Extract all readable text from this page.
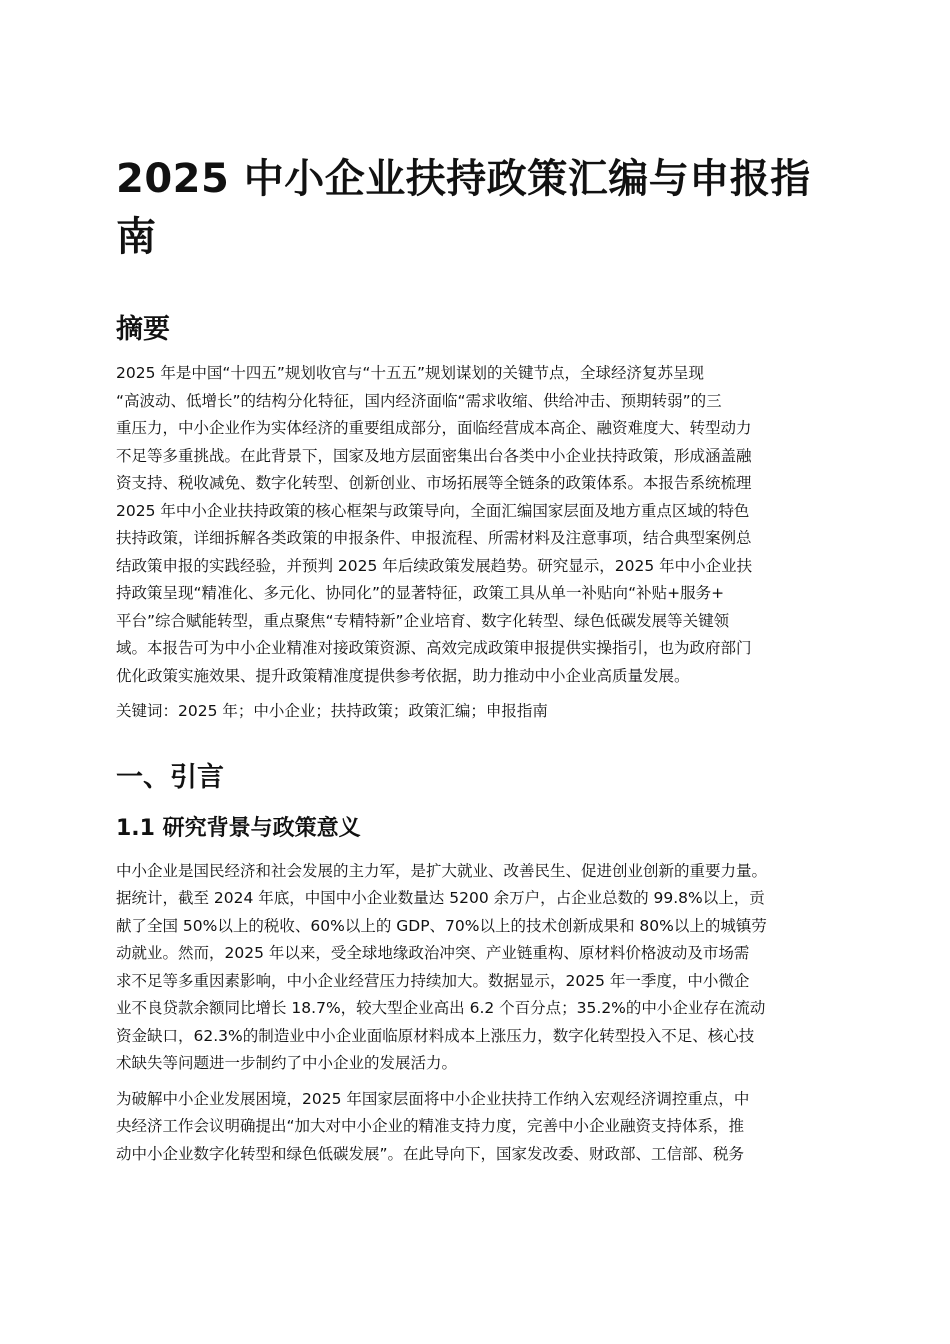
2025 中小企业扶持政策汇编与申报指
南
摘要

2025 年是中国“十四五”规划收官与“十五五”规划谋划的关键节点，全球经济复苏呈现
“高波动、低增长”的结构分化特征，国内经济面临“需求收缩、供给冲击、预期转弱”的三
重压力，中小企业作为实体经济的重要组成部分，面临经营成本高企、融资难度大、转型动力
不足等多重挑战。在此背景下，国家及地方层面密集出台各类中小企业扶持政策，形成涵盖融
资支持、税收减免、数字化转型、创新创业、市场拓展等全链条的政策体系。本报告系统梳理
2025 年中小企业扶持政策的核心框架与政策导向，全面汇编国家层面及地方重点区域的特色
扶持政策，详细拆解各类政策的申报条件、申报流程、所需材料及注意事项，结合典型案例总
结政策申报的实践经验，并预判 2025 年后续政策发展趋势。研究显示，2025 年中小企业扶
持政策呈现“精准化、多元化、协同化”的显著特征，政策工具从单一补贴向“补贴+服务+
平台”综合赋能转型，重点聚焦“专精特新”企业培育、数字化转型、绿色低碳发展等关键领
域。本报告可为中小企业精准对接政策资源、高效完成政策申报提供实操指引，也为政府部门
优化政策实施效果、提升政策精准度提供参考依据，助力推动中小企业高质量发展。

关键词：2025 年；中小企业；扶持政策；政策汇编；申报指南

一、引言
1.1 研究背景与政策意义

中小企业是国民经济和社会发展的主力军，是扩大就业、改善民生、促进创业创新的重要力量。
据统计，截至 2024 年底，中国中小企业数量达 5200 余万户，占企业总数的 99.8%以上，贡
献了全国 50%以上的税收、60%以上的 GDP、70%以上的技术创新成果和 80%以上的城镇劳
动就业。然而，2025 年以来，受全球地缘政治冲突、产业链重构、原材料价格波动及市场需
求不足等多重因素影响，中小企业经营压力持续加大。数据显示，2025 年一季度，中小微企
业不良贷款余额同比增长 18.7%，较大型企业高出 6.2 个百分点；35.2%的中小企业存在流动
资金缺口，62.3%的制造业中小企业面临原材料成本上涨压力，数字化转型投入不足、核心技
术缺失等问题进一步制约了中小企业的发展活力。

为破解中小企业发展困境，2025 年国家层面将中小企业扶持工作纳入宏观经济调控重点，中
央经济工作会议明确提出“加大对中小企业的精准支持力度，完善中小企业融资支持体系，推
动中小企业数字化转型和绿色低碳发展”。在此导向下，国家发改委、财政部、工信部、税务
